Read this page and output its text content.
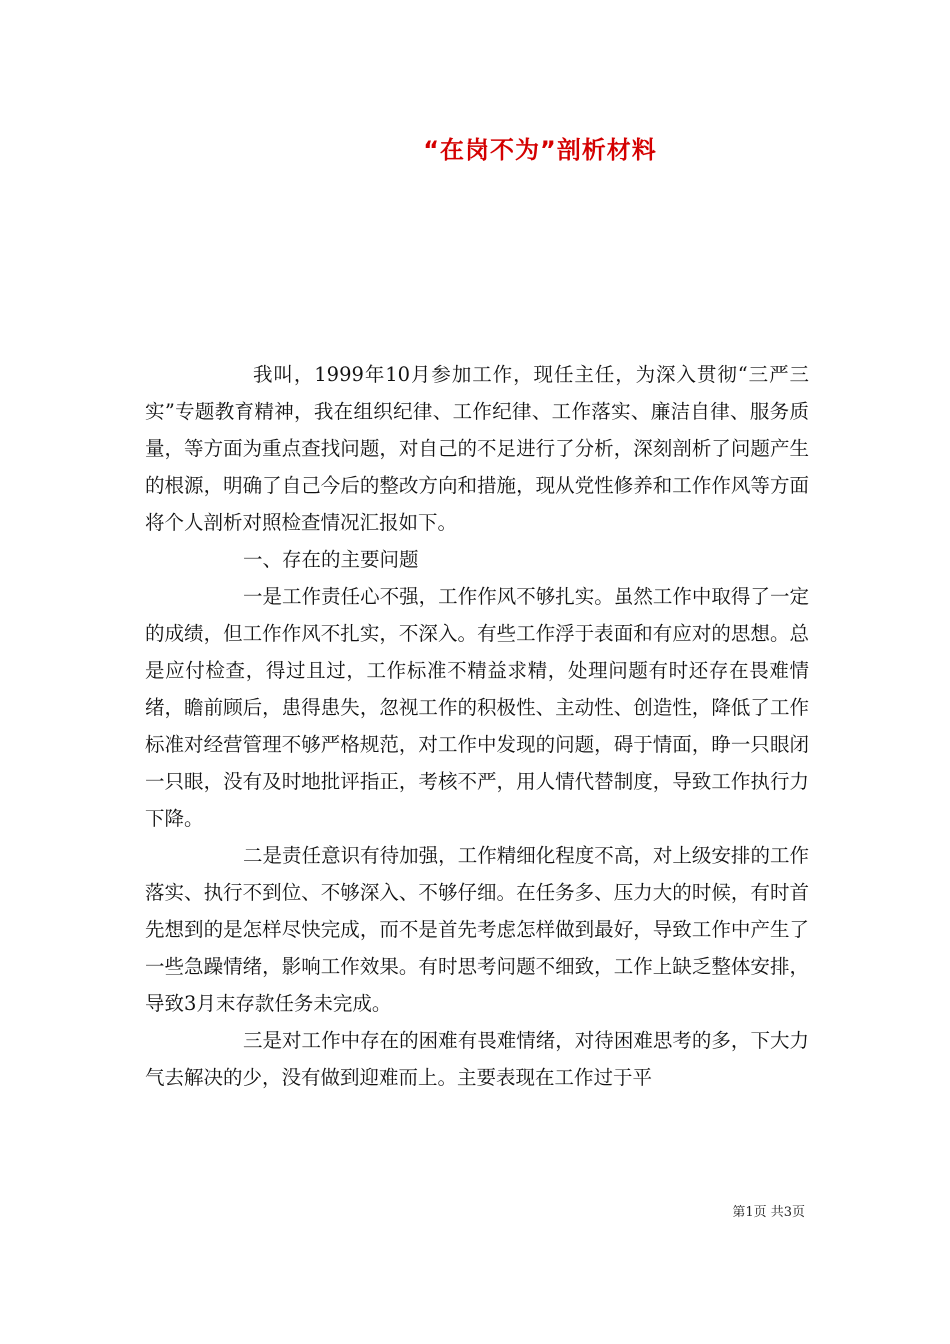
“在岗不为”剖析材料

我叫，1999年10月参加工作，现任主任，为深入贯彻“三严三实”专题教育精神，我在组织纪律、工作纪律、工作落实、廉洁自律、服务质量，等方面为重点查找问题，对自己的不足进行了分析，深刻剖析了问题产生的根源，明确了自己今后的整改方向和措施，现从党性修养和工作作风等方面将个人剖析对照检查情况汇报如下。

一、存在的主要问题

一是工作责任心不强，工作作风不够扎实。虽然工作中取得了一定的成绩，但工作作风不扎实，不深入。有些工作浮于表面和有应对的思想。总是应付检查，得过且过，工作标准不精益求精，处理问题有时还存在畏难情绪，瞻前顾后，患得患失，忽视工作的积极性、主动性、创造性，降低了工作标准对经营管理不够严格规范，对工作中发现的问题，碍于情面，睁一只眼闭一只眼，没有及时地批评指正，考核不严，用人情代替制度，导致工作执行力下降。

二是责任意识有待加强，工作精细化程度不高，对上级安排的工作落实、执行不到位、不够深入、不够仔细。在任务多、压力大的时候，有时首先想到的是怎样尽快完成，而不是首先考虑怎样做到最好，导致工作中产生了一些急躁情绪，影响工作效果。有时思考问题不细致，工作上缺乏整体安排，导致3月末存款任务未完成。

三是对工作中存在的困难有畏难情绪，对待困难思考的多，下大力气去解决的少，没有做到迎难而上。主要表现在工作过于平

第1页 共3页
